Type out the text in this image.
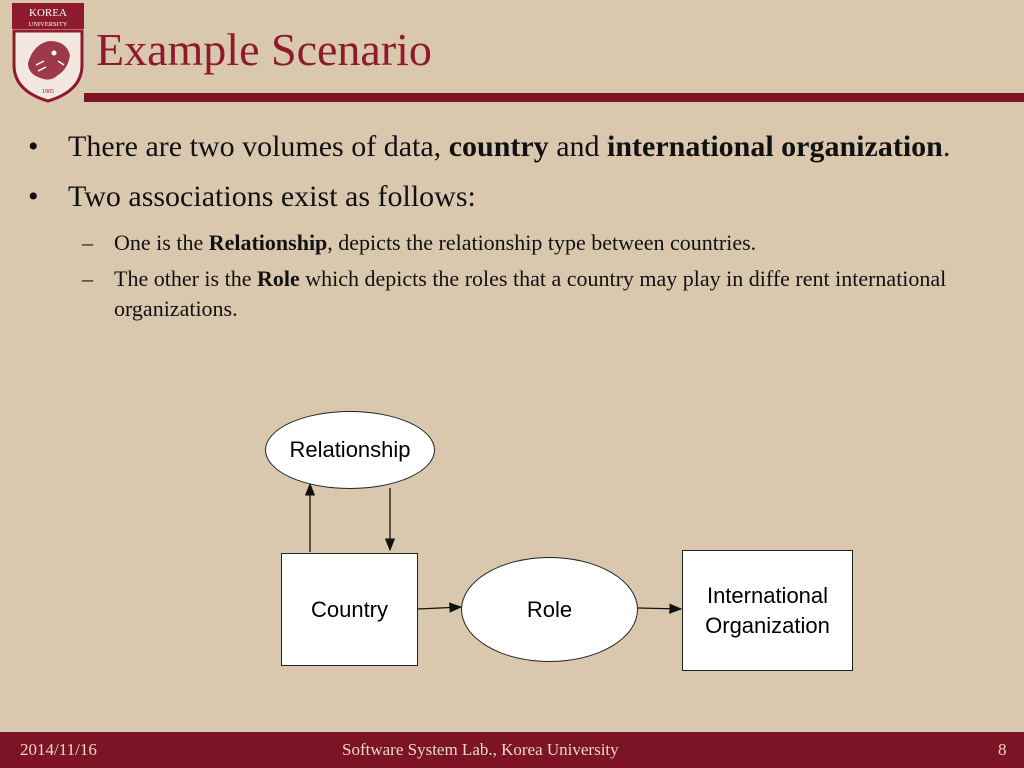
KOREA
UNIVERSITY
1905
Example Scenario
• There are two volumes of data, country and international organization.
• Two associations exist as follows:
– One is the Relationship, depicts the relationship type between countries.
– The other is the Role which depicts the roles that a country may play in diffe rent international organizations.
Relationship
Country	Role
International
Organization
2014/11/16	Software System Lab., Korea University	8
